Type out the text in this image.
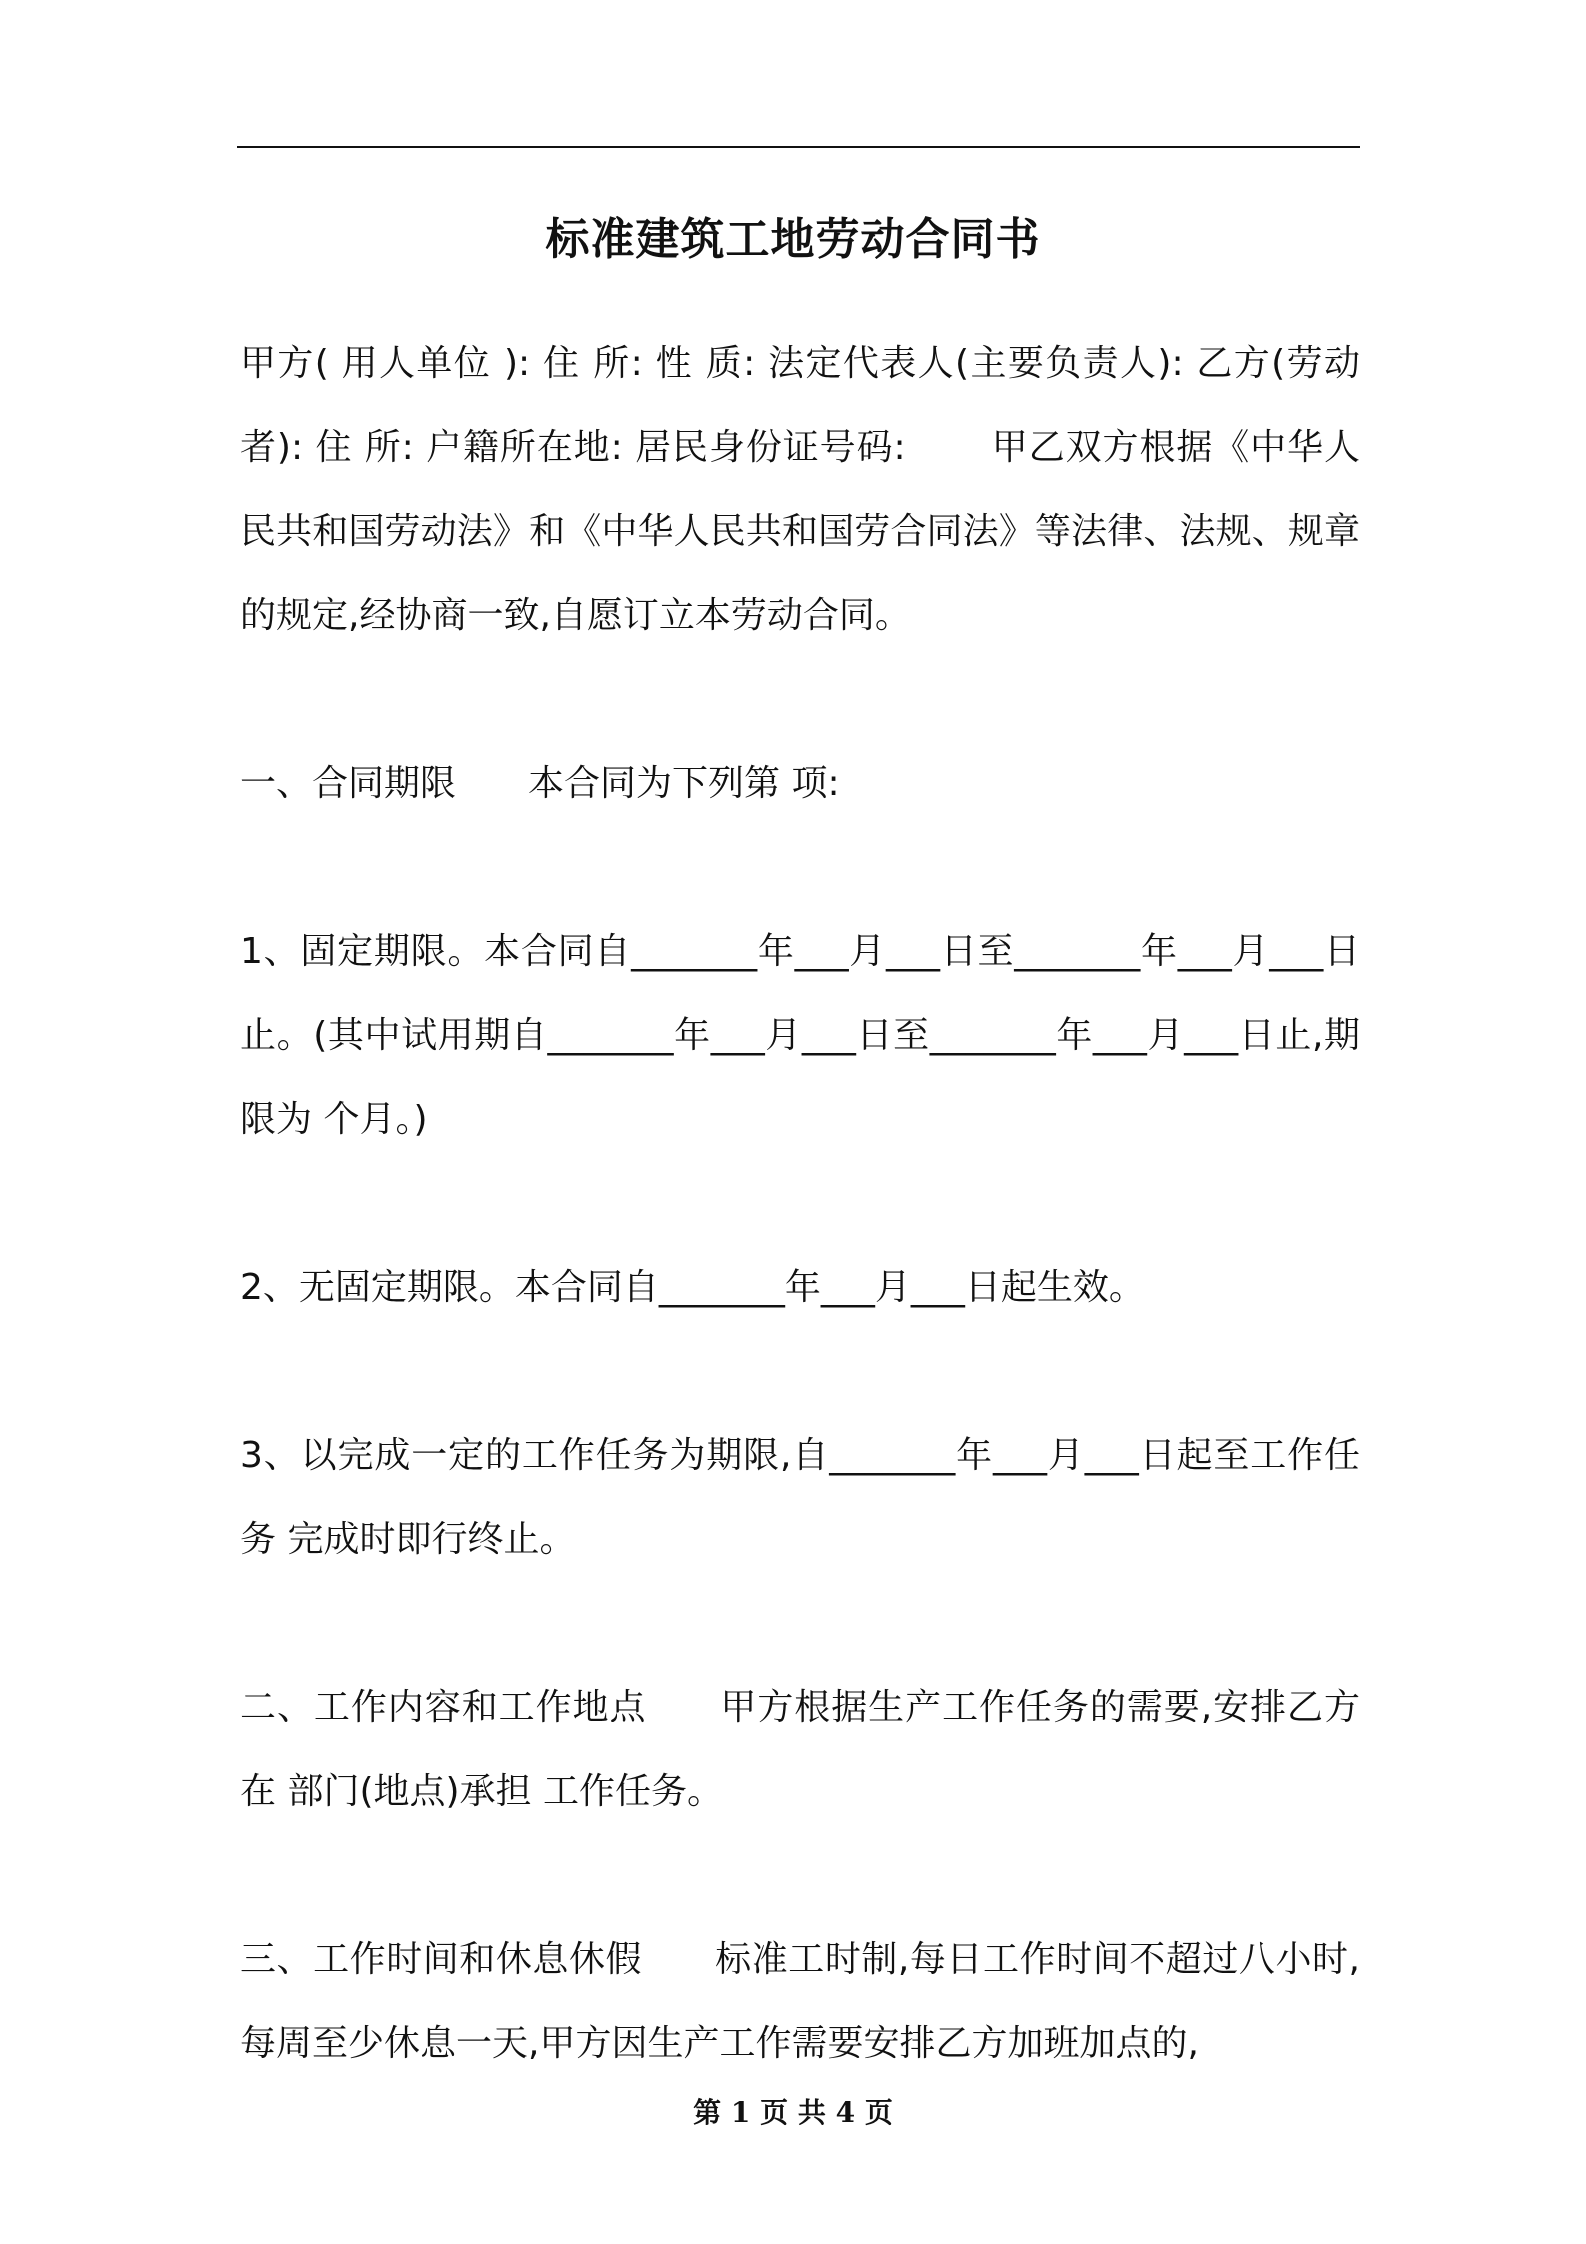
标准建筑工地劳动合同书

甲方( 用人单位 ): 住 所: 性 质: 法定代表人(主要负责人): 乙方(劳动者): 住 所: 户籍所在地: 居民身份证号码: 　　甲乙双方根据《中华人民共和国劳动法》和《中华人民共和国劳合同法》等法律、法规、规章的规定,经协商一致,自愿订立本劳动合同。

一、合同期限　　本合同为下列第 项:

1、固定期限。本合同自_______年___月___日至_______年___月___日止。(其中试用期自_______年___月___日至_______年___月___日止,期限为 个月。)

2、无固定期限。本合同自_______年___月___日起生效。

3、以完成一定的工作任务为期限,自_______年___月___日起至工作任务 完成时即行终止。

二、工作内容和工作地点　　甲方根据生产工作任务的需要,安排乙方在 部门(地点)承担 工作任务。

三、工作时间和休息休假　　标准工时制,每日工作时间不超过八小时,每周至少休息一天,甲方因生产工作需要安排乙方加班加点的,

第 1 页 共 4 页
